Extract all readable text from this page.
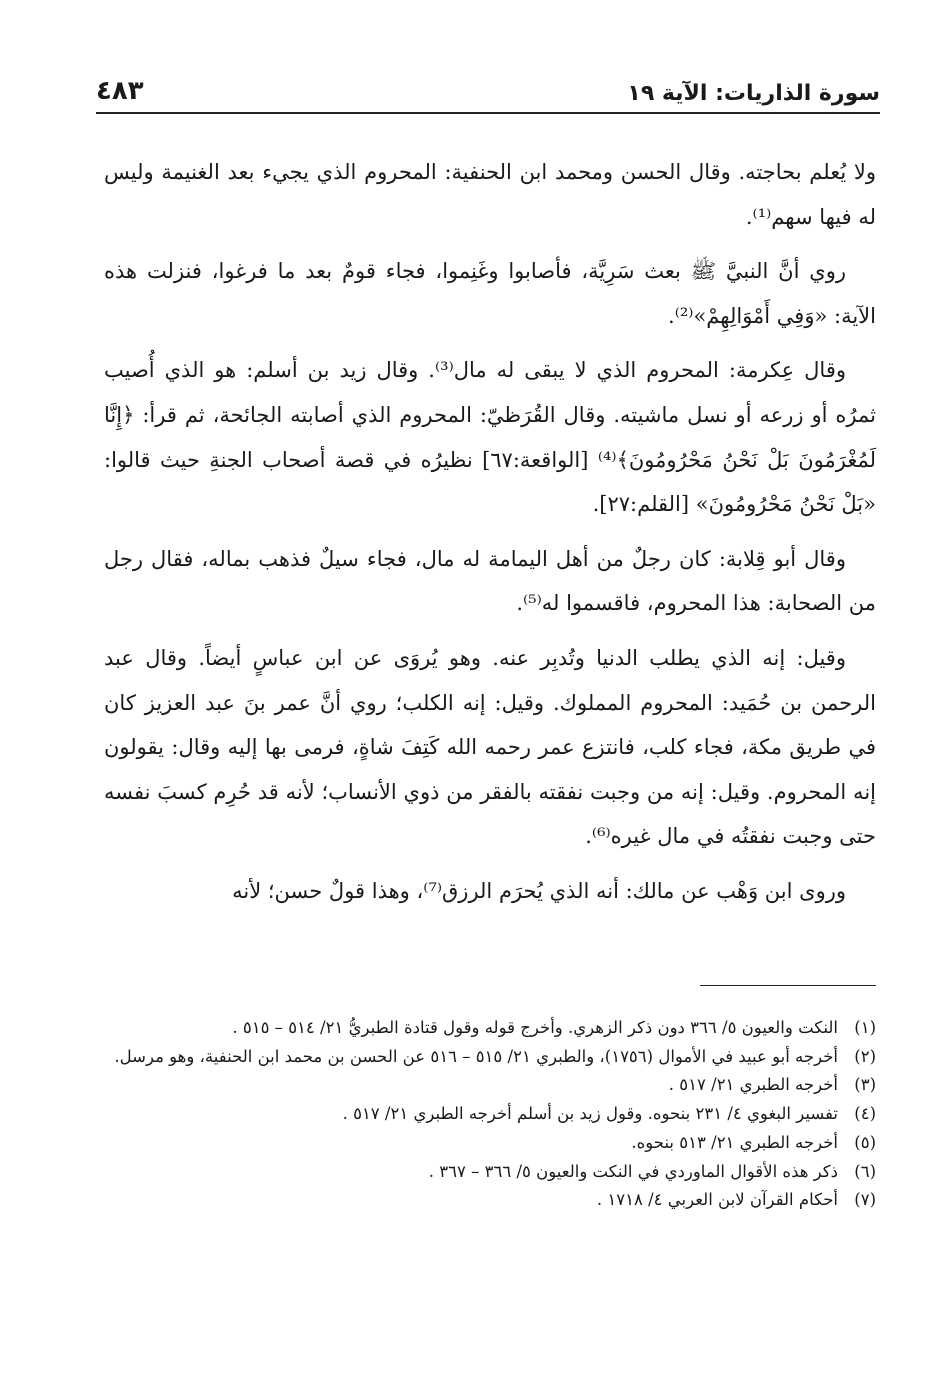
سورة الذاريات: الآية ١٩
٤٨٣

ولا يُعلم بحاجته. وقال الحسن ومحمد ابن الحنفية: المحروم الذي يجيء بعد الغنيمة وليس له فيها سهم⁽¹⁾.

روي أنَّ النبيَّ ﷺ بعث سَرِيَّة، فأصابوا وغَنِموا، فجاء قومٌ بعد ما فرغوا، فنزلت هذه الآية: «وَفِي أَمْوَالِهِمْ»⁽²⁾.

وقال عِكرمة: المحروم الذي لا يبقى له مال⁽³⁾. وقال زيد بن أسلم: هو الذي أُصيب ثمرُه أو زرعه أو نسل ماشيته. وقال القُرَظيّ: المحروم الذي أصابته الجائحة، ثم قرأ: ﴿إِنَّا لَمُغْرَمُونَ بَلْ نَحْنُ مَحْرُومُونَ﴾⁽⁴⁾ [الواقعة:٦٧] نظيرُه في قصة أصحاب الجنةِ حيث قالوا: «بَلْ نَحْنُ مَحْرُومُونَ» [القلم:٢٧].

وقال أبو قِلابة: كان رجلٌ من أهل اليمامة له مال، فجاء سيلٌ فذهب بماله، فقال رجل من الصحابة: هذا المحروم، فاقسموا له⁽⁵⁾.

وقيل: إنه الذي يطلب الدنيا وتُدبِر عنه. وهو يُروَى عن ابن عباسٍ أيضاً. وقال عبد الرحمن بن حُمَيد: المحروم المملوك. وقيل: إنه الكلب؛ روي أنَّ عمر بنَ عبد العزيز كان في طريق مكة، فجاء كلب، فانتزع عمر رحمه الله كَتِفَ شاةٍ، فرمى بها إليه وقال: يقولون إنه المحروم. وقيل: إنه من وجبت نفقته بالفقر من ذوي الأنساب؛ لأنه قد حُرِم كسبَ نفسه حتى وجبت نفقتُه في مال غيره⁽⁶⁾.

وروى ابن وَهْب عن مالك: أنه الذي يُحرَم الرزق⁽⁷⁾، وهذا قولٌ حسن؛ لأنه

(١)
النكت والعيون ٥/ ٣٦٦ دون ذكر الزهري. وأخرج قوله وقول قتادة الطبريُّ ٢١/ ٥١٤ – ٥١٥ .
(٢)
أخرجه أبو عبيد في الأموال (١٧٥٦)، والطبري ٢١/ ٥١٥ – ٥١٦ عن الحسن بن محمد ابن الحنفية، وهو مرسل.
(٣)
أخرجه الطبري ٢١/ ٥١٧ .
(٤)
تفسير البغوي ٤/ ٢٣١ بنحوه. وقول زيد بن أسلم أخرجه الطبري ٢١/ ٥١٧ .
(٥)
أخرجه الطبري ٢١/ ٥١٣ بنحوه.
(٦)
ذكر هذه الأقوال الماوردي في النكت والعيون ٥/ ٣٦٦ – ٣٦٧ .
(٧)
أحكام القرآن لابن العربي ٤/ ١٧١٨ .
